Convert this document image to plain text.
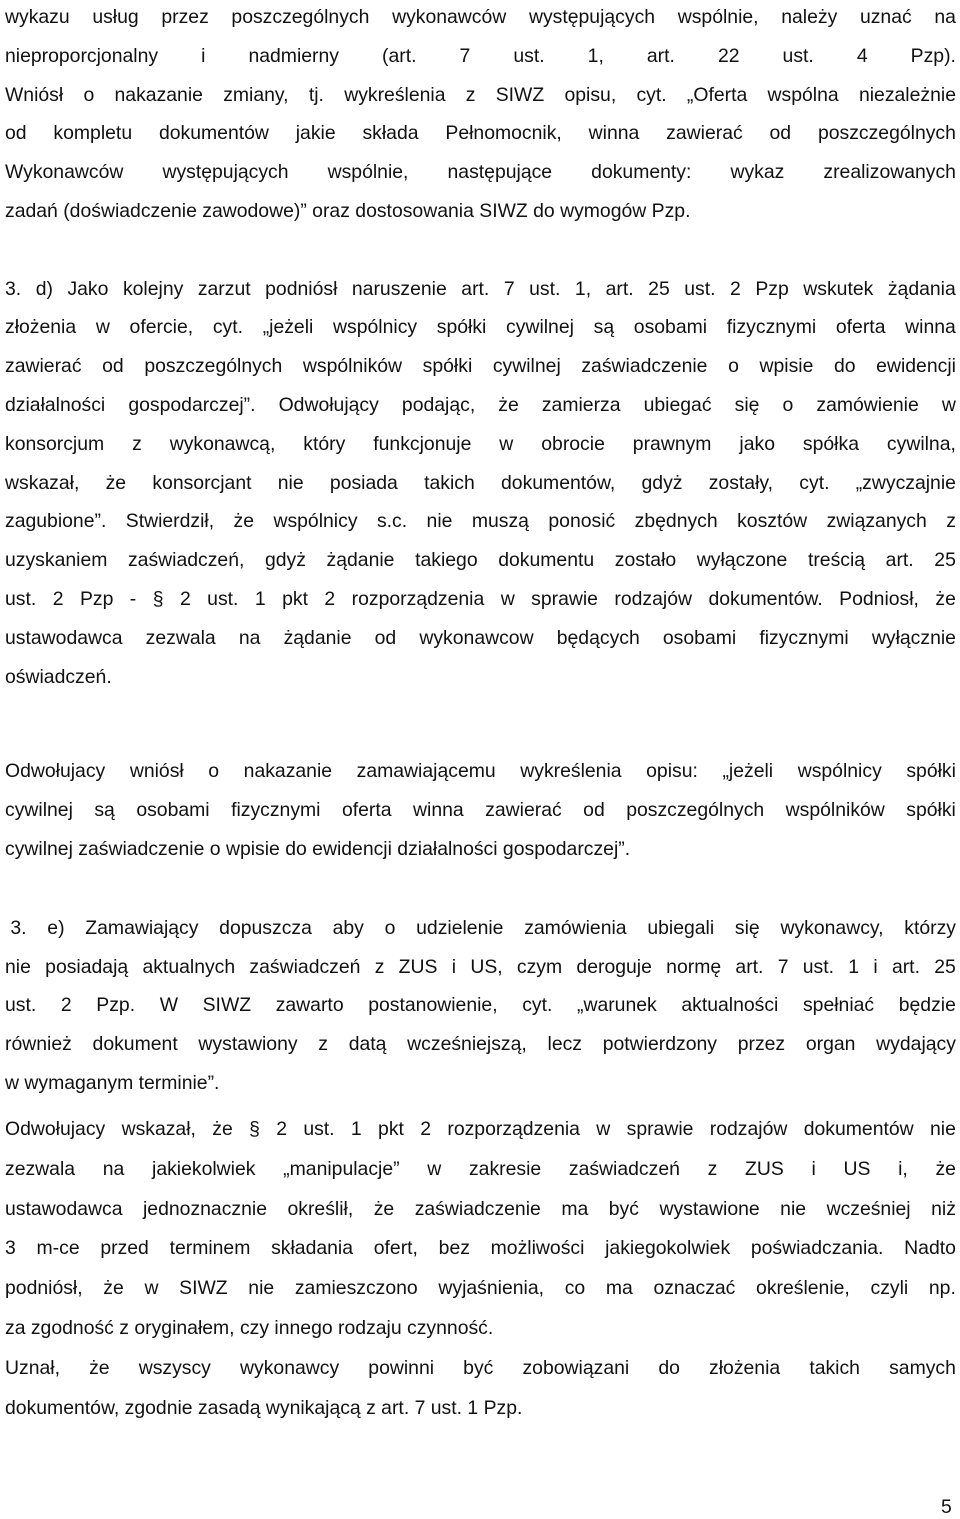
wykazu usług przez poszczególnych wykonawców występujących wspólnie, należy uznać na
nieproporcjonalny i nadmierny (art. 7 ust. 1, art. 22 ust. 4 Pzp).
Wniósł o nakazanie zmiany, tj. wykreślenia z SIWZ opisu, cyt. „Oferta wspólna niezależnie
od kompletu dokumentów jakie składa Pełnomocnik, winna zawierać od poszczególnych
Wykonawców występujących wspólnie, następujące dokumenty: wykaz zrealizowanych
zadań (doświadczenie zawodowe)” oraz dostosowania SIWZ do wymogów Pzp.
3. d) Jako kolejny zarzut podniósł naruszenie art. 7 ust. 1, art. 25 ust. 2 Pzp wskutek żądania
złożenia w ofercie, cyt. „jeżeli wspólnicy spółki cywilnej są osobami fizycznymi oferta winna
zawierać od poszczególnych wspólników spółki cywilnej zaświadczenie o wpisie do ewidencji
działalności gospodarczej”. Odwołujący podając, że zamierza ubiegać się o zamówienie w
konsorcjum z wykonawcą, który funkcjonuje w obrocie prawnym jako spółka cywilna,
wskazał, że konsorcjant nie posiada takich dokumentów, gdyż zostały, cyt. „zwyczajnie
zagubione”. Stwierdził, że wspólnicy s.c. nie muszą ponosić zbędnych kosztów związanych z
uzyskaniem zaświadczeń, gdyż żądanie takiego dokumentu zostało wyłączone treścią art. 25
ust. 2 Pzp - § 2 ust. 1 pkt 2 rozporządzenia w sprawie rodzajów dokumentów. Podniosł, że
ustawodawca zezwala na żądanie od wykonawcow będących osobami fizycznymi wyłącznie
oświadczeń.
Odwołujacy wniósł o nakazanie zamawiającemu wykreślenia opisu: „jeżeli wspólnicy spółki
cywilnej są osobami fizycznymi oferta winna zawierać od poszczególnych wspólników spółki
cywilnej zaświadczenie o wpisie do ewidencji działalności gospodarczej”.
3. e) Zamawiający dopuszcza aby o udzielenie zamówienia ubiegali się wykonawcy, którzy
nie posiadają aktualnych zaświadczeń z ZUS i US, czym deroguje normę art. 7 ust. 1 i art. 25
ust. 2 Pzp. W SIWZ zawarto postanowienie, cyt. „warunek aktualności spełniać będzie
również dokument wystawiony z datą wcześniejszą, lecz potwierdzony przez organ wydający
w wymaganym terminie”.
Odwołujacy wskazał, że § 2 ust. 1 pkt 2 rozporządzenia w sprawie rodzajów dokumentów nie
zezwala na jakiekolwiek „manipulacje” w zakresie zaświadczeń z ZUS i US i, że
ustawodawca jednoznacznie określił, że zaświadczenie ma być wystawione nie wcześniej niż
3 m-ce przed terminem składania ofert, bez możliwości jakiegokolwiek poświadczania. Nadto
podniósł, że w SIWZ nie zamieszczono wyjaśnienia, co ma oznaczać określenie, czyli np.
za zgodność z oryginałem, czy innego rodzaju czynność.
Uznał, że wszyscy wykonawcy powinni być zobowiązani do złożenia takich samych
dokumentów, zgodnie zasadą wynikającą z art. 7 ust. 1 Pzp.
5
